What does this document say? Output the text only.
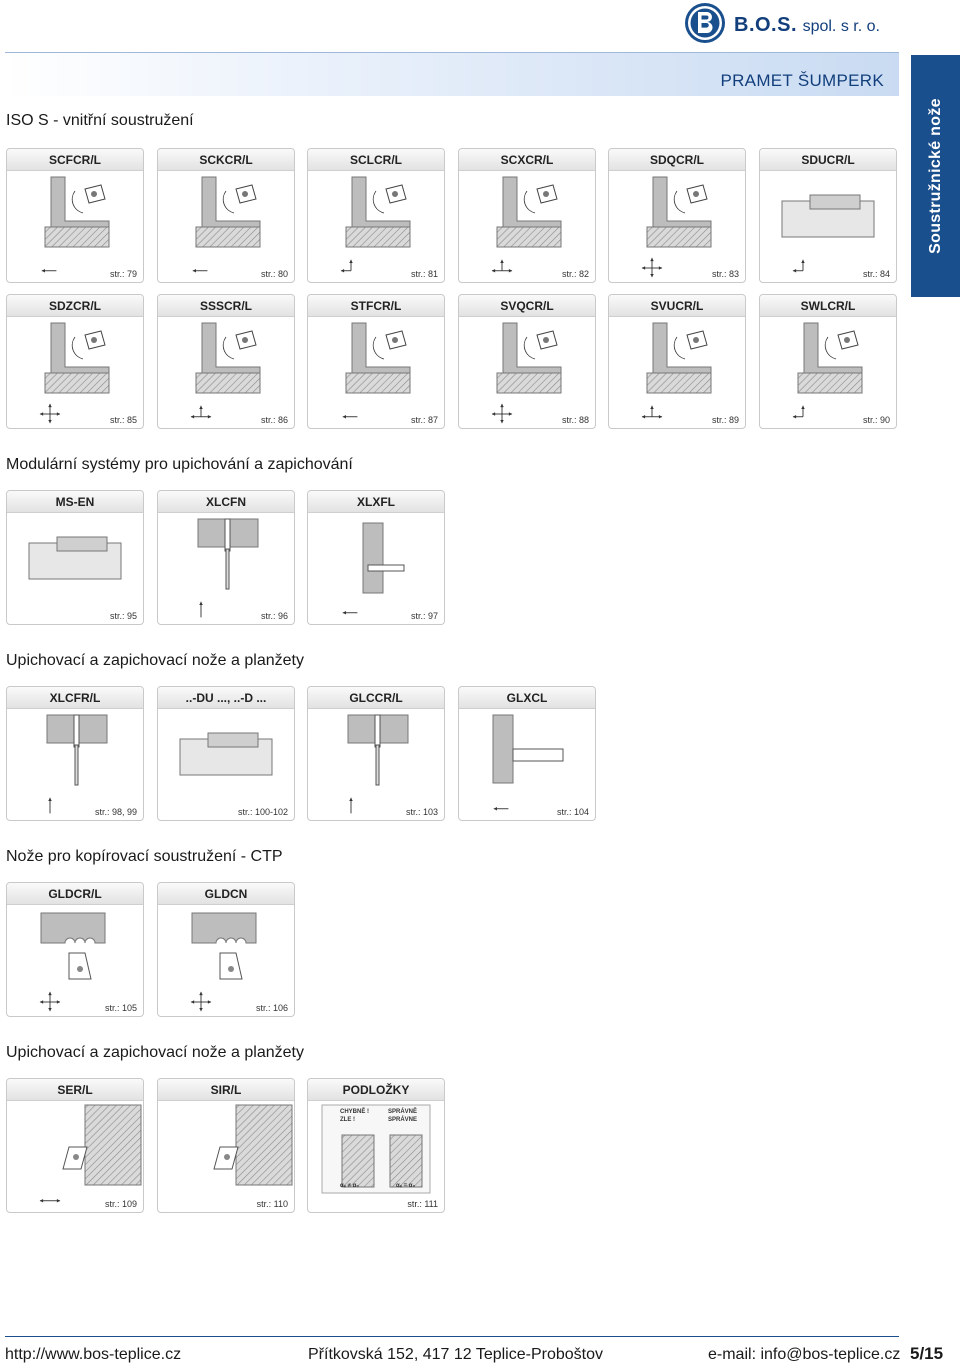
B.O.S. spol. s r. o.
PRAMET ŠUMPERK
Soustružnické nože
ISO S - vnitřní soustružení
Modulární systémy pro upichování a zapichování
Upichovací a zapichovací nože a planžety
Nože pro kopírovací soustružení - CTP
Upichovací a zapichovací nože a planžety
SCFCR/L
str.: 79
SCKCR/L
str.: 80
SCLCR/L
str.: 81
SCXCR/L
str.: 82
SDQCR/L
str.: 83
SDUCR/L
str.: 84
SDZCR/L
str.: 85
SSSCR/L
str.: 86
STFCR/L
str.: 87
SVQCR/L
str.: 88
SVUCR/L
str.: 89
SWLCR/L
str.: 90
MS-EN
str.: 95
XLCFN
str.: 96
XLXFL
str.: 97
XLCFR/L
str.: 98, 99
..-DU ..., ..-D ...
str.: 100-102
GLCCR/L
str.: 103
GLXCL
str.: 104
GLDCR/L
str.: 105
GLDCN
str.: 106
SER/L
str.: 109
SIR/L
str.: 110
PODLOŽKY
str.: 111
CHYBNĚ !
ZLE !
SPRÁVNĚ
SPRÁVNE
αₑ ≠ α₀	αₑ = α₀
http://www.bos-teplice.cz	Přítkovská 152, 417 12 Teplice-Proboštov	e-mail: info@bos-teplice.cz 5/15
